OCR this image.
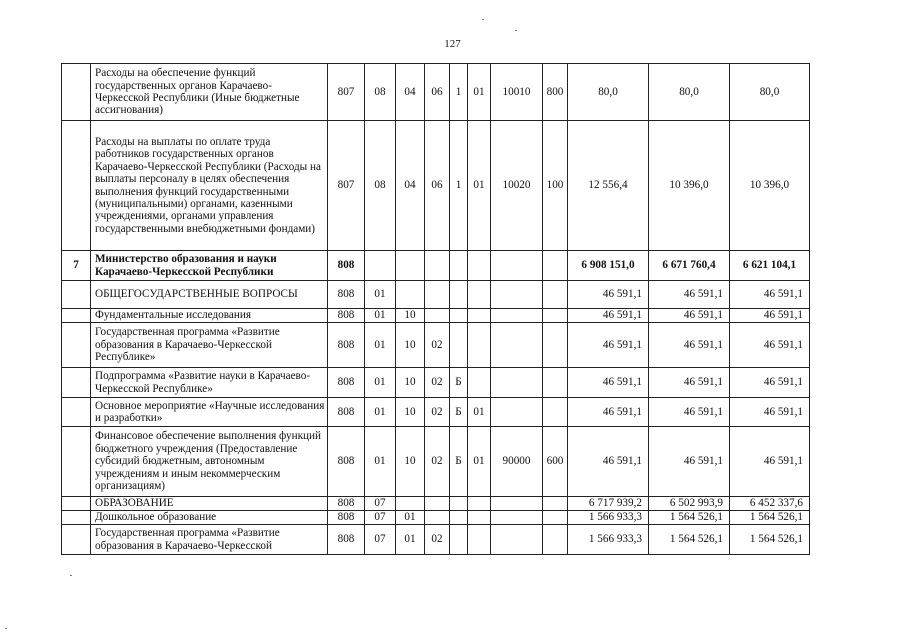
127
	Расходы на обеспечение функций государственных органов Карачаево-Черкесской Республики (Иные бюджетные ассигнования)	807	08	04	06	1	01	10010	800	80,0	80,0	80,0
	Расходы на выплаты по оплате труда работников государственных органов Карачаево-Черкесской Республики (Расходы на выплаты персоналу в целях обеспечения выполнения функций государственными (муниципальными) органами, казенными учреждениями, органами управления государственными внебюджетными фондами)	807	08	04	06	1	01	10020	100	12 556,4	10 396,0	10 396,0
7	Министерство образования и науки Карачаево-Черкесской Республики	808								6 908 151,0	6 671 760,4	6 621 104,1
	ОБЩЕГОСУДАРСТВЕННЫЕ ВОПРОСЫ	808	01							46 591,1	46 591,1	46 591,1
	Фундаментальные исследования	808	01	10						46 591,1	46 591,1	46 591,1
	Государственная программа «Развитие образования в Карачаево-Черкесской Республике»	808	01	10	02					46 591,1	46 591,1	46 591,1
	Подпрограмма «Развитие науки в Карачаево-Черкесской Республике»	808	01	10	02	Б				46 591,1	46 591,1	46 591,1
	Основное мероприятие «Научные исследования и разработки»	808	01	10	02	Б	01			46 591,1	46 591,1	46 591,1
	Финансовое обеспечение выполнения функций бюджетного учреждения (Предоставление субсидий бюджетным, автономным учреждениям и иным некоммерческим организациям)	808	01	10	02	Б	01	90000	600	46 591,1	46 591,1	46 591,1
	ОБРАЗОВАНИЕ	808	07							6 717 939,2	6 502 993,9	6 452 337,6
	Дошкольное образование	808	07	01						1 566 933,3	1 564 526,1	1 564 526,1
	Государственная программа «Развитие образования в Карачаево-Черкесской	808	07	01	02					1 566 933,3	1 564 526,1	1 564 526,1
